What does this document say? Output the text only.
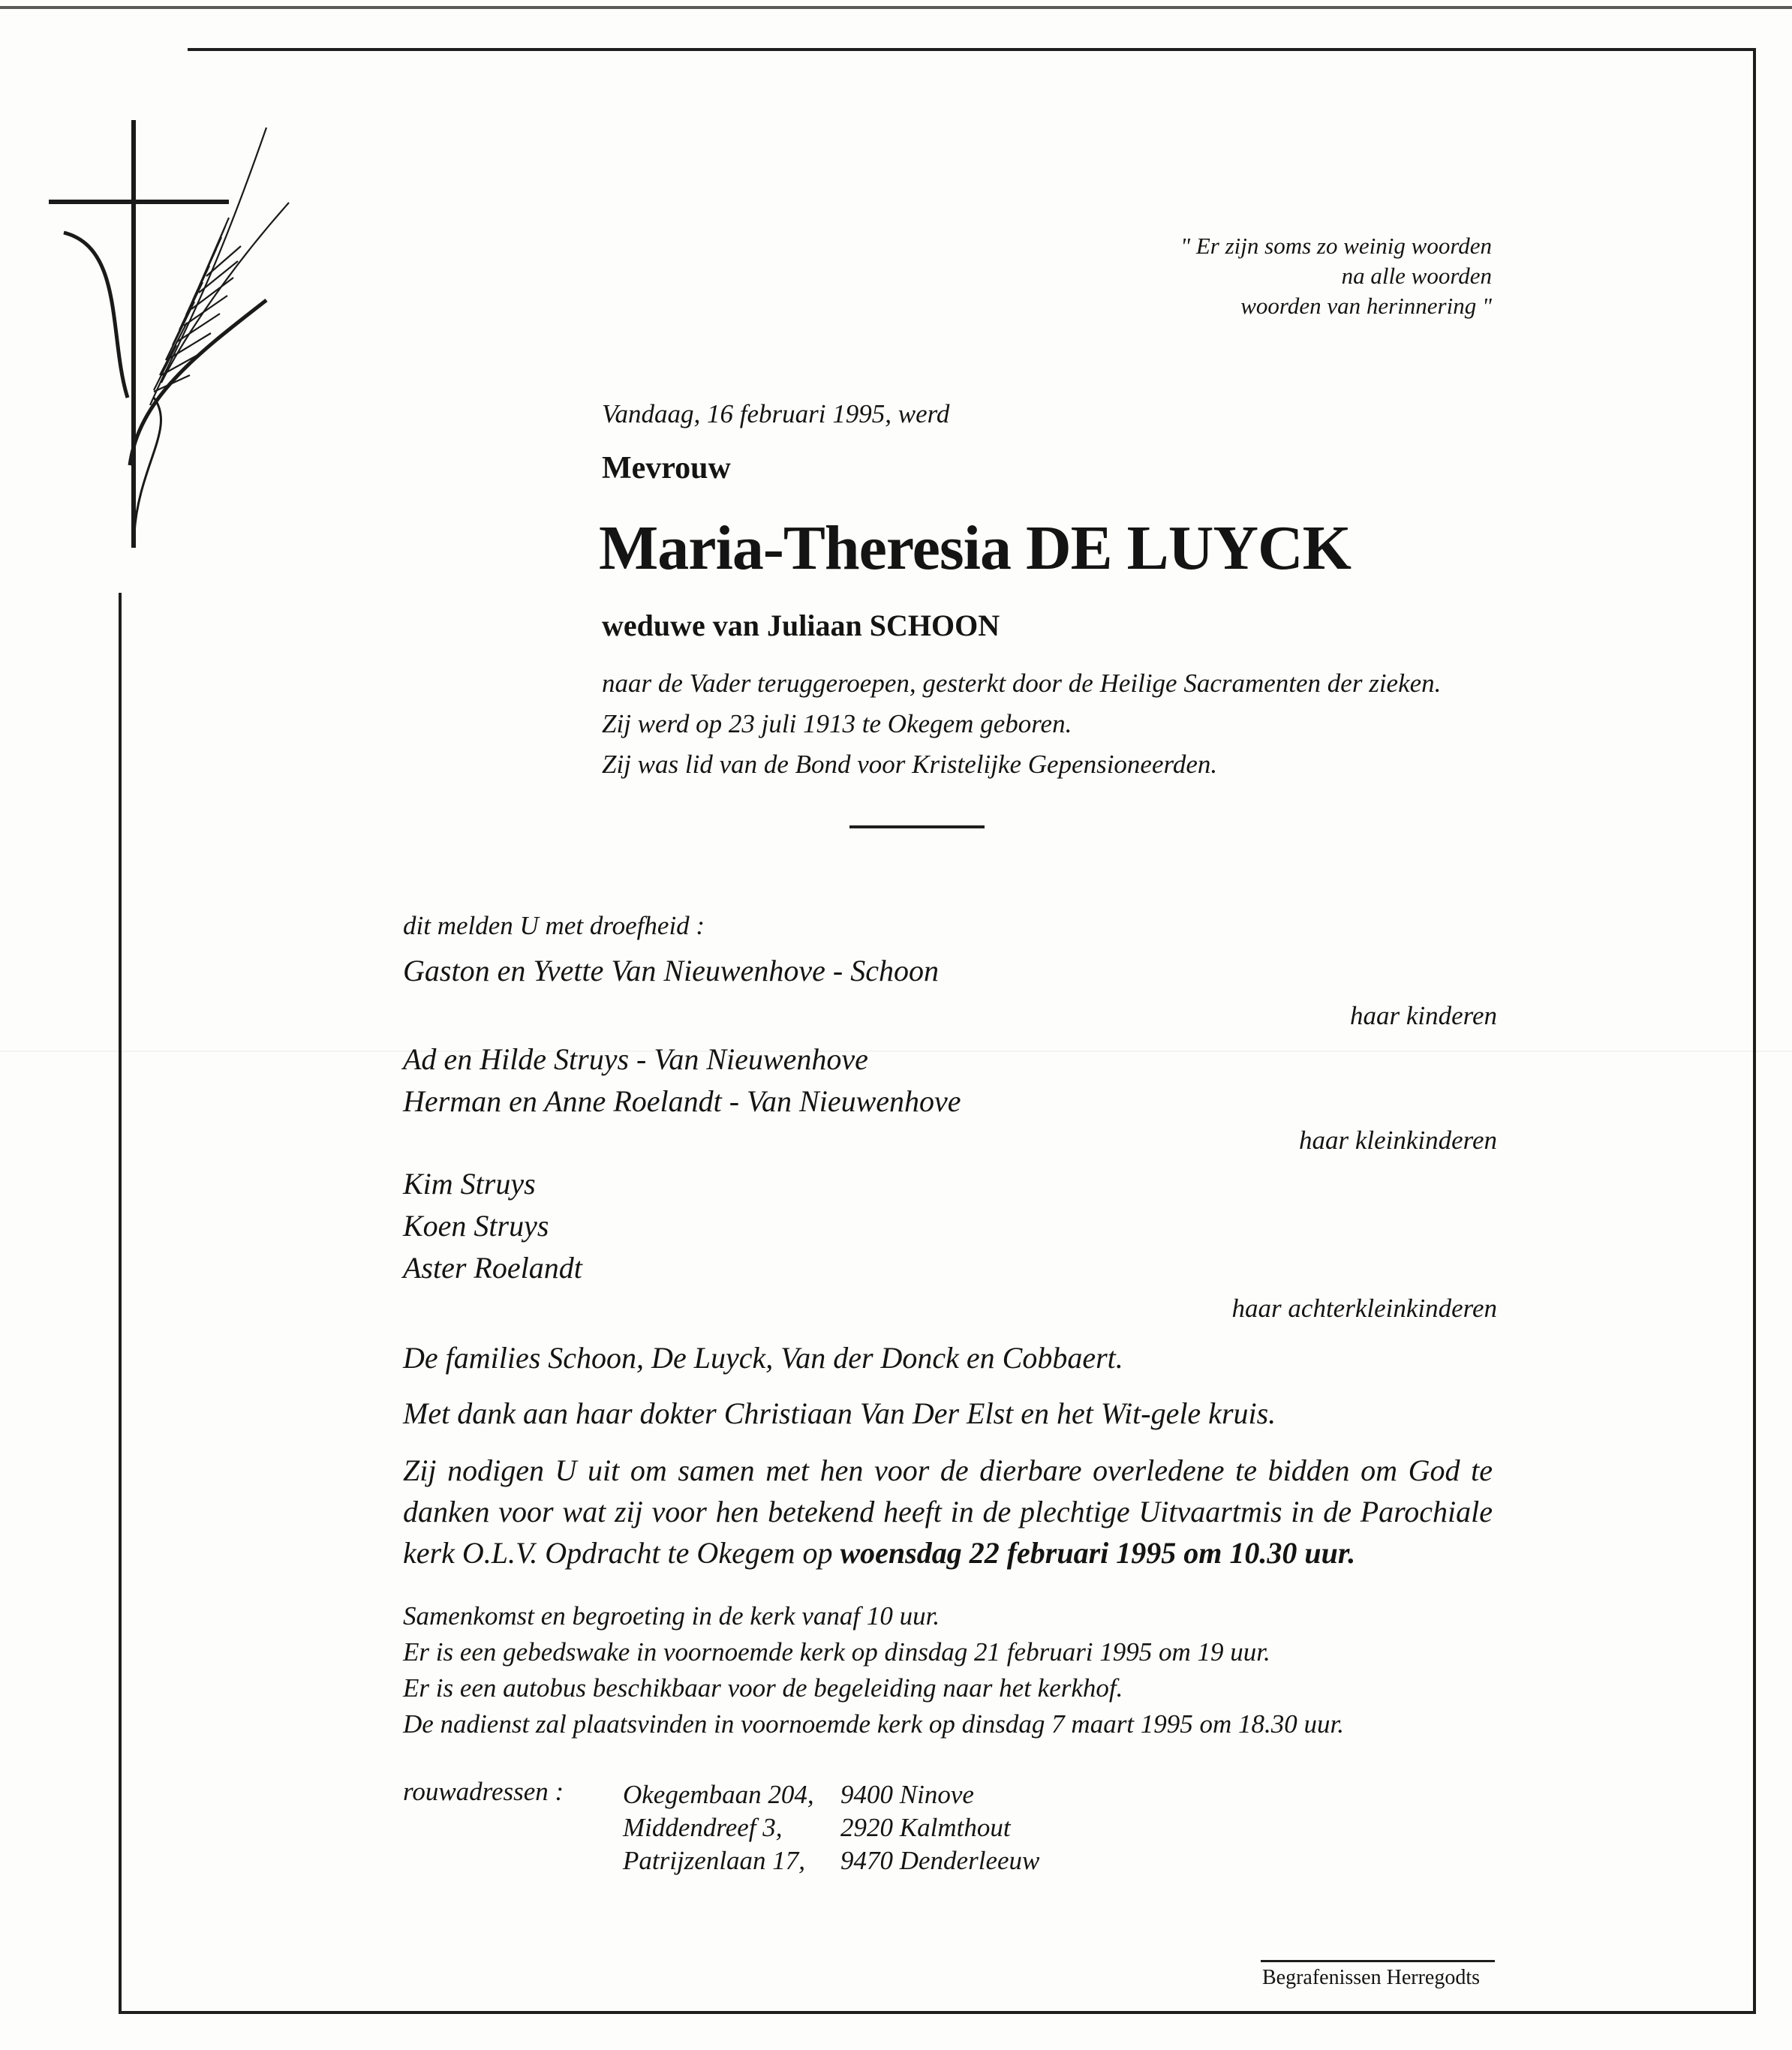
" Er zijn soms zo weinig woorden
na alle woorden
woorden van herinnering "
Vandaag, 16 februari 1995, werd
Mevrouw
Maria-Theresia DE LUYCK
weduwe van Juliaan SCHOON
naar de Vader teruggeroepen, gesterkt door de Heilige Sacramenten der zieken.
Zij werd op 23 juli 1913 te Okegem geboren.
Zij was lid van de Bond voor Kristelijke Gepensioneerden.
dit melden U met droefheid :
Gaston en Yvette Van Nieuwenhove - Schoon
haar kinderen
Ad en Hilde Struys - Van Nieuwenhove
Herman en Anne Roelandt - Van Nieuwenhove
haar kleinkinderen
Kim Struys
Koen Struys
Aster Roelandt
haar achterkleinkinderen
De families Schoon, De Luyck, Van der Donck en Cobbaert.
Met dank aan haar dokter Christiaan Van Der Elst en het Wit-gele kruis.
Zij nodigen U uit om samen met hen voor de dierbare overledene te bidden om God te
danken voor wat zij voor hen betekend heeft in de plechtige Uitvaartmis in de Parochiale
kerk O.L.V. Opdracht te Okegem op woensdag 22 februari 1995 om 10.30 uur.
Samenkomst en begroeting in de kerk vanaf 10 uur.
Er is een gebedswake in voornoemde kerk op dinsdag 21 februari 1995 om 19 uur.
Er is een autobus beschikbaar voor de begeleiding naar het kerkhof.
De nadienst zal plaatsvinden in voornoemde kerk op dinsdag 7 maart 1995 om 18.30 uur.
rouwadressen : Okegembaan 204,	9400 Ninove
Middendreef 3,	2920 Kalmthout
Patrijzenlaan 17,	9470 Denderleeuw
Begrafenissen Herregodts
